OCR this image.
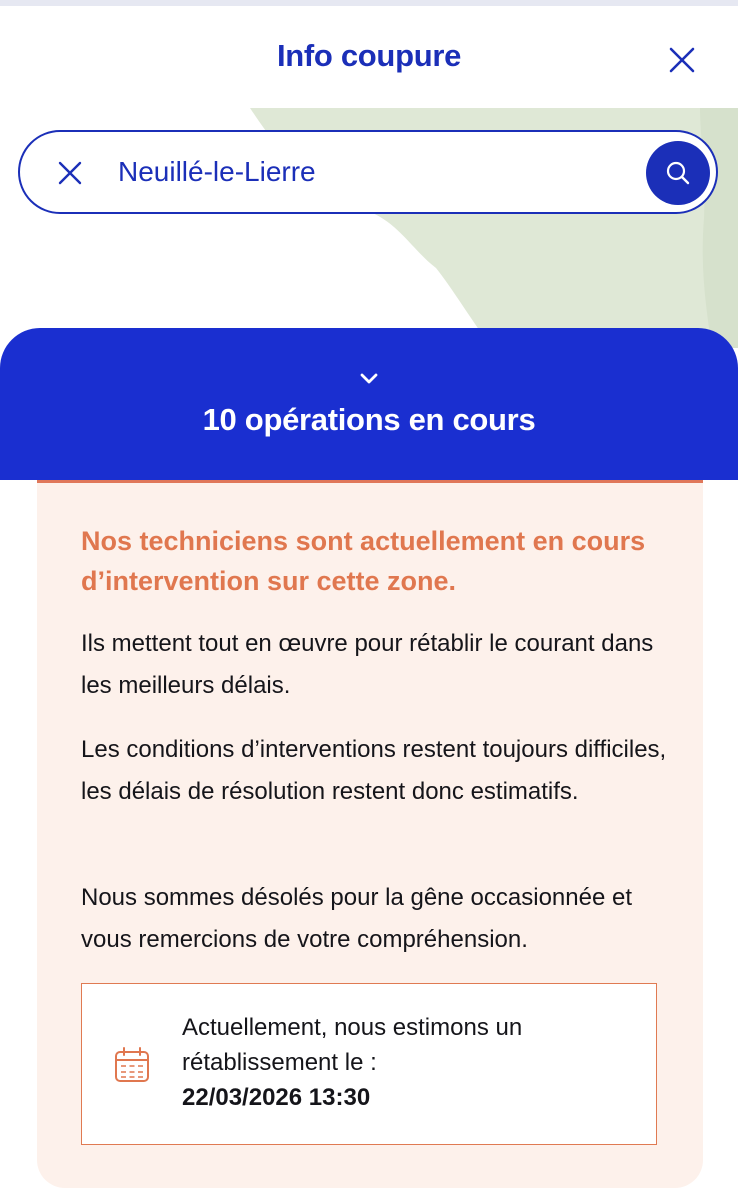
Info coupure
Neuillé-le-Lierre
10 opérations en cours

Nos techniciens sont actuellement en cours d’intervention sur cette zone.

Ils mettent tout en œuvre pour rétablir le courant dans les meilleurs délais.

Les conditions d’interventions restent toujours difficiles, les délais de résolution restent donc estimatifs.

Nous sommes désolés pour la gêne occasionnée et vous remercions de votre compréhension.

Actuellement, nous estimons un rétablissement le :
22/03/2026 13:30
